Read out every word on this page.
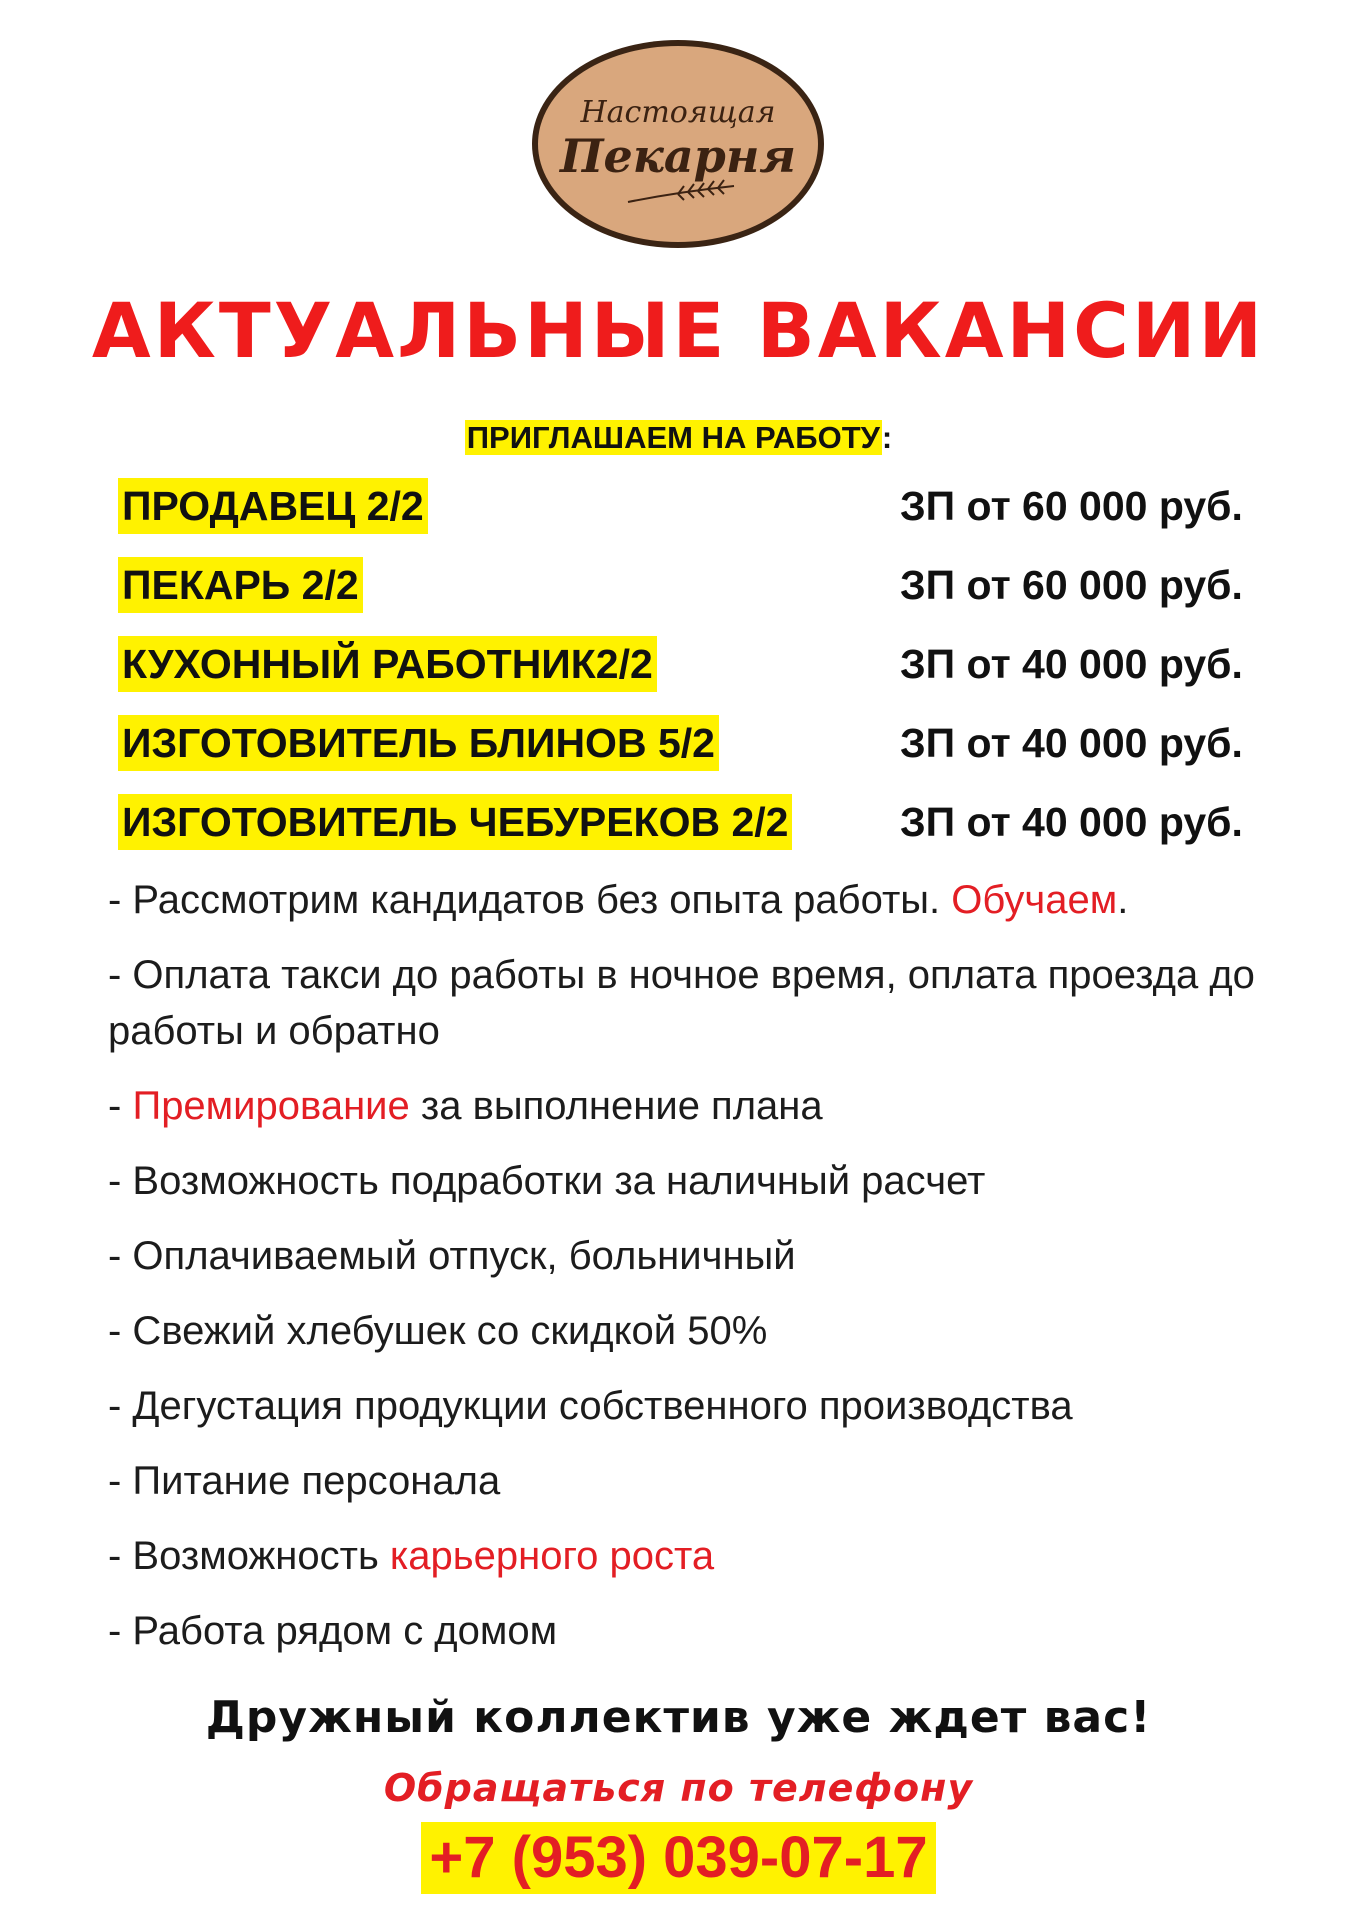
Настоящая
Пекарня
АКТУАЛЬНЫЕ ВАКАНСИИ
ПРИГЛАШАЕМ НА РАБОТУ:
ПРОДАВЕЦ 2/2	ЗП от 60 000 руб.
ПЕКАРЬ 2/2	ЗП от 60 000 руб.
КУХОННЫЙ РАБОТНИК2/2	ЗП от 40 000 руб.
ИЗГОТОВИТЕЛЬ БЛИНОВ 5/2	ЗП от 40 000 руб.
ИЗГОТОВИТЕЛЬ ЧЕБУРЕКОВ 2/2	ЗП от 40 000 руб.
- Рассмотрим кандидатов без опыта работы. Обучаем.
- Оплата такси до работы в ночное время, оплата проезда до работы и обратно
- Премирование за выполнение плана
- Возможность подработки за наличный расчет
- Оплачиваемый отпуск, больничный
- Свежий хлебушек со скидкой 50%
- Дегустация продукции собственного производства
- Питание персонала
- Возможность карьерного роста
- Работа рядом с домом
Дружный коллектив уже ждет вас!
Обращаться по телефону
+7 (953) 039-07-17
